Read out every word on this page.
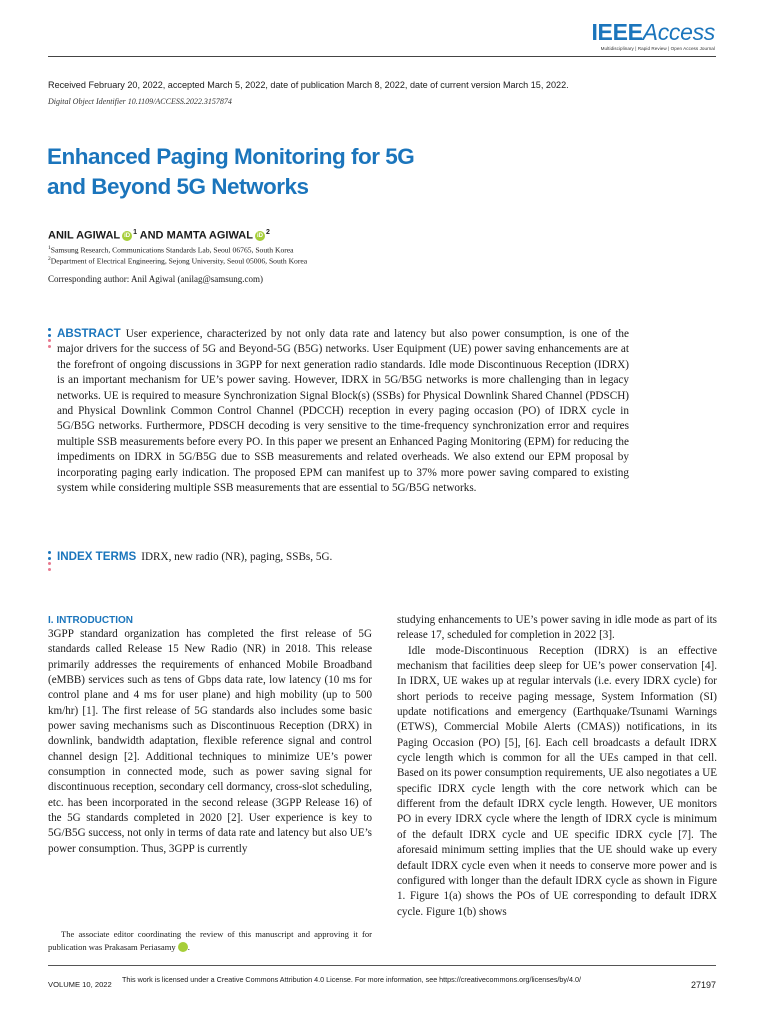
IEEEAccess
Multidisciplinary | Rapid Review | Open Access Journal
Received February 20, 2022, accepted March 5, 2022, date of publication March 8, 2022, date of current version March 15, 2022.
Digital Object Identifier 10.1109/ACCESS.2022.3157874
Enhanced Paging Monitoring for 5G
and Beyond 5G Networks
ANIL AGIWAL iD $^1$ AND MAMTA AGIWAL iD $^2$
$^1$Samsung Research, Communications Standards Lab, Seoul 06765, South Korea
$^2$Department of Electrical Engineering, Sejong University, Seoul 05006, South Korea
Corresponding author: Anil Agiwal (anilag@samsung.com)
ABSTRACT User experience, characterized by not only data rate and latency but also power consumption, is one of the major drivers for the success of 5G and Beyond-5G (B5G) networks. User Equipment (UE) power saving enhancements are at the forefront of ongoing discussions in 3GPP for next generation radio standards. Idle mode Discontinuous Reception (IDRX) is an important mechanism for UE’s power saving. However, IDRX in 5G/B5G networks is more challenging than in legacy networks. UE is required to measure Synchronization Signal Block(s) (SSBs) for Physical Downlink Shared Channel (PDSCH) and Physical Downlink Common Control Channel (PDCCH) reception in every paging occasion (PO) of IDRX cycle in 5G/B5G networks. Furthermore, PDSCH decoding is very sensitive to the time-frequency synchronization error and requires multiple SSB measurements before every PO. In this paper we present an Enhanced Paging Monitoring (EPM) for reducing the impediments on IDRX in 5G/B5G due to SSB measurements and related overheads. We also extend our EPM proposal by incorporating paging early indication. The proposed EPM can manifest up to 37% more power saving compared to existing system while considering multiple SSB measurements that are essential to 5G/B5G networks.
INDEX TERMS IDRX, new radio (NR), paging, SSBs, 5G.
I. INTRODUCTION

3GPP standard organization has completed the first release of 5G standards called Release 15 New Radio (NR) in 2018. This release primarily addresses the requirements of enhanced Mobile Broadband (eMBB) services such as tens of Gbps data rate, low latency (10 ms for control plane and 4 ms for user plane) and high mobility (up to 500 km/hr) [1]. The first release of 5G standards also includes some basic power saving mechanisms such as Discontinuous Reception (DRX) in downlink, bandwidth adaptation, flexible reference signal and control channel design [2]. Additional techniques to minimize UE’s power consumption in connected mode, such as power saving signal for discontinuous reception, secondary cell dormancy, cross-slot scheduling, etc. has been incorporated in the second release (3GPP Release 16) of the 5G standards completed in 2020 [2]. User experience is key to 5G/B5G success, not only in terms of data rate and latency but also UE’s power consumption. Thus, 3GPP is currently

studying enhancements to UE’s power saving in idle mode as part of its release 17, scheduled for completion in 2022 [3].

Idle mode-Discontinuous Reception (IDRX) is an effective mechanism that facilities deep sleep for UE’s power conservation [4]. In IDRX, UE wakes up at regular intervals (i.e. every IDRX cycle) for short periods to receive paging message, System Information (SI) update notifications and emergency (Earthquake/Tsunami Warnings (ETWS), Commercial Mobile Alerts (CMAS)) notifications, in its Paging Occasion (PO) [5], [6]. Each cell broadcasts a default IDRX cycle length which is common for all the UEs camped in that cell. Based on its power consumption requirements, UE also negotiates a UE specific IDRX cycle length with the core network which can be different from the default IDRX cycle length. However, UE monitors PO in every IDRX cycle where the length of IDRX cycle is minimum of the default IDRX cycle and UE specific IDRX cycle [7]. The aforesaid minimum setting implies that the UE should wake up every default IDRX cycle even when it needs to conserve more power and is configured with longer than the default IDRX cycle as shown in Figure 1. Figure 1(a) shows the POs of UE corresponding to default IDRX cycle. Figure 1(b) shows

The associate editor coordinating the review of this manuscript and approving it for publication was Prakasam Periasamy	iD.

VOLUME 10, 2022
This work is licensed under a Creative Commons Attribution 4.0 License. For more information, see https://creativecommons.org/licenses/by/4.0/
27197
